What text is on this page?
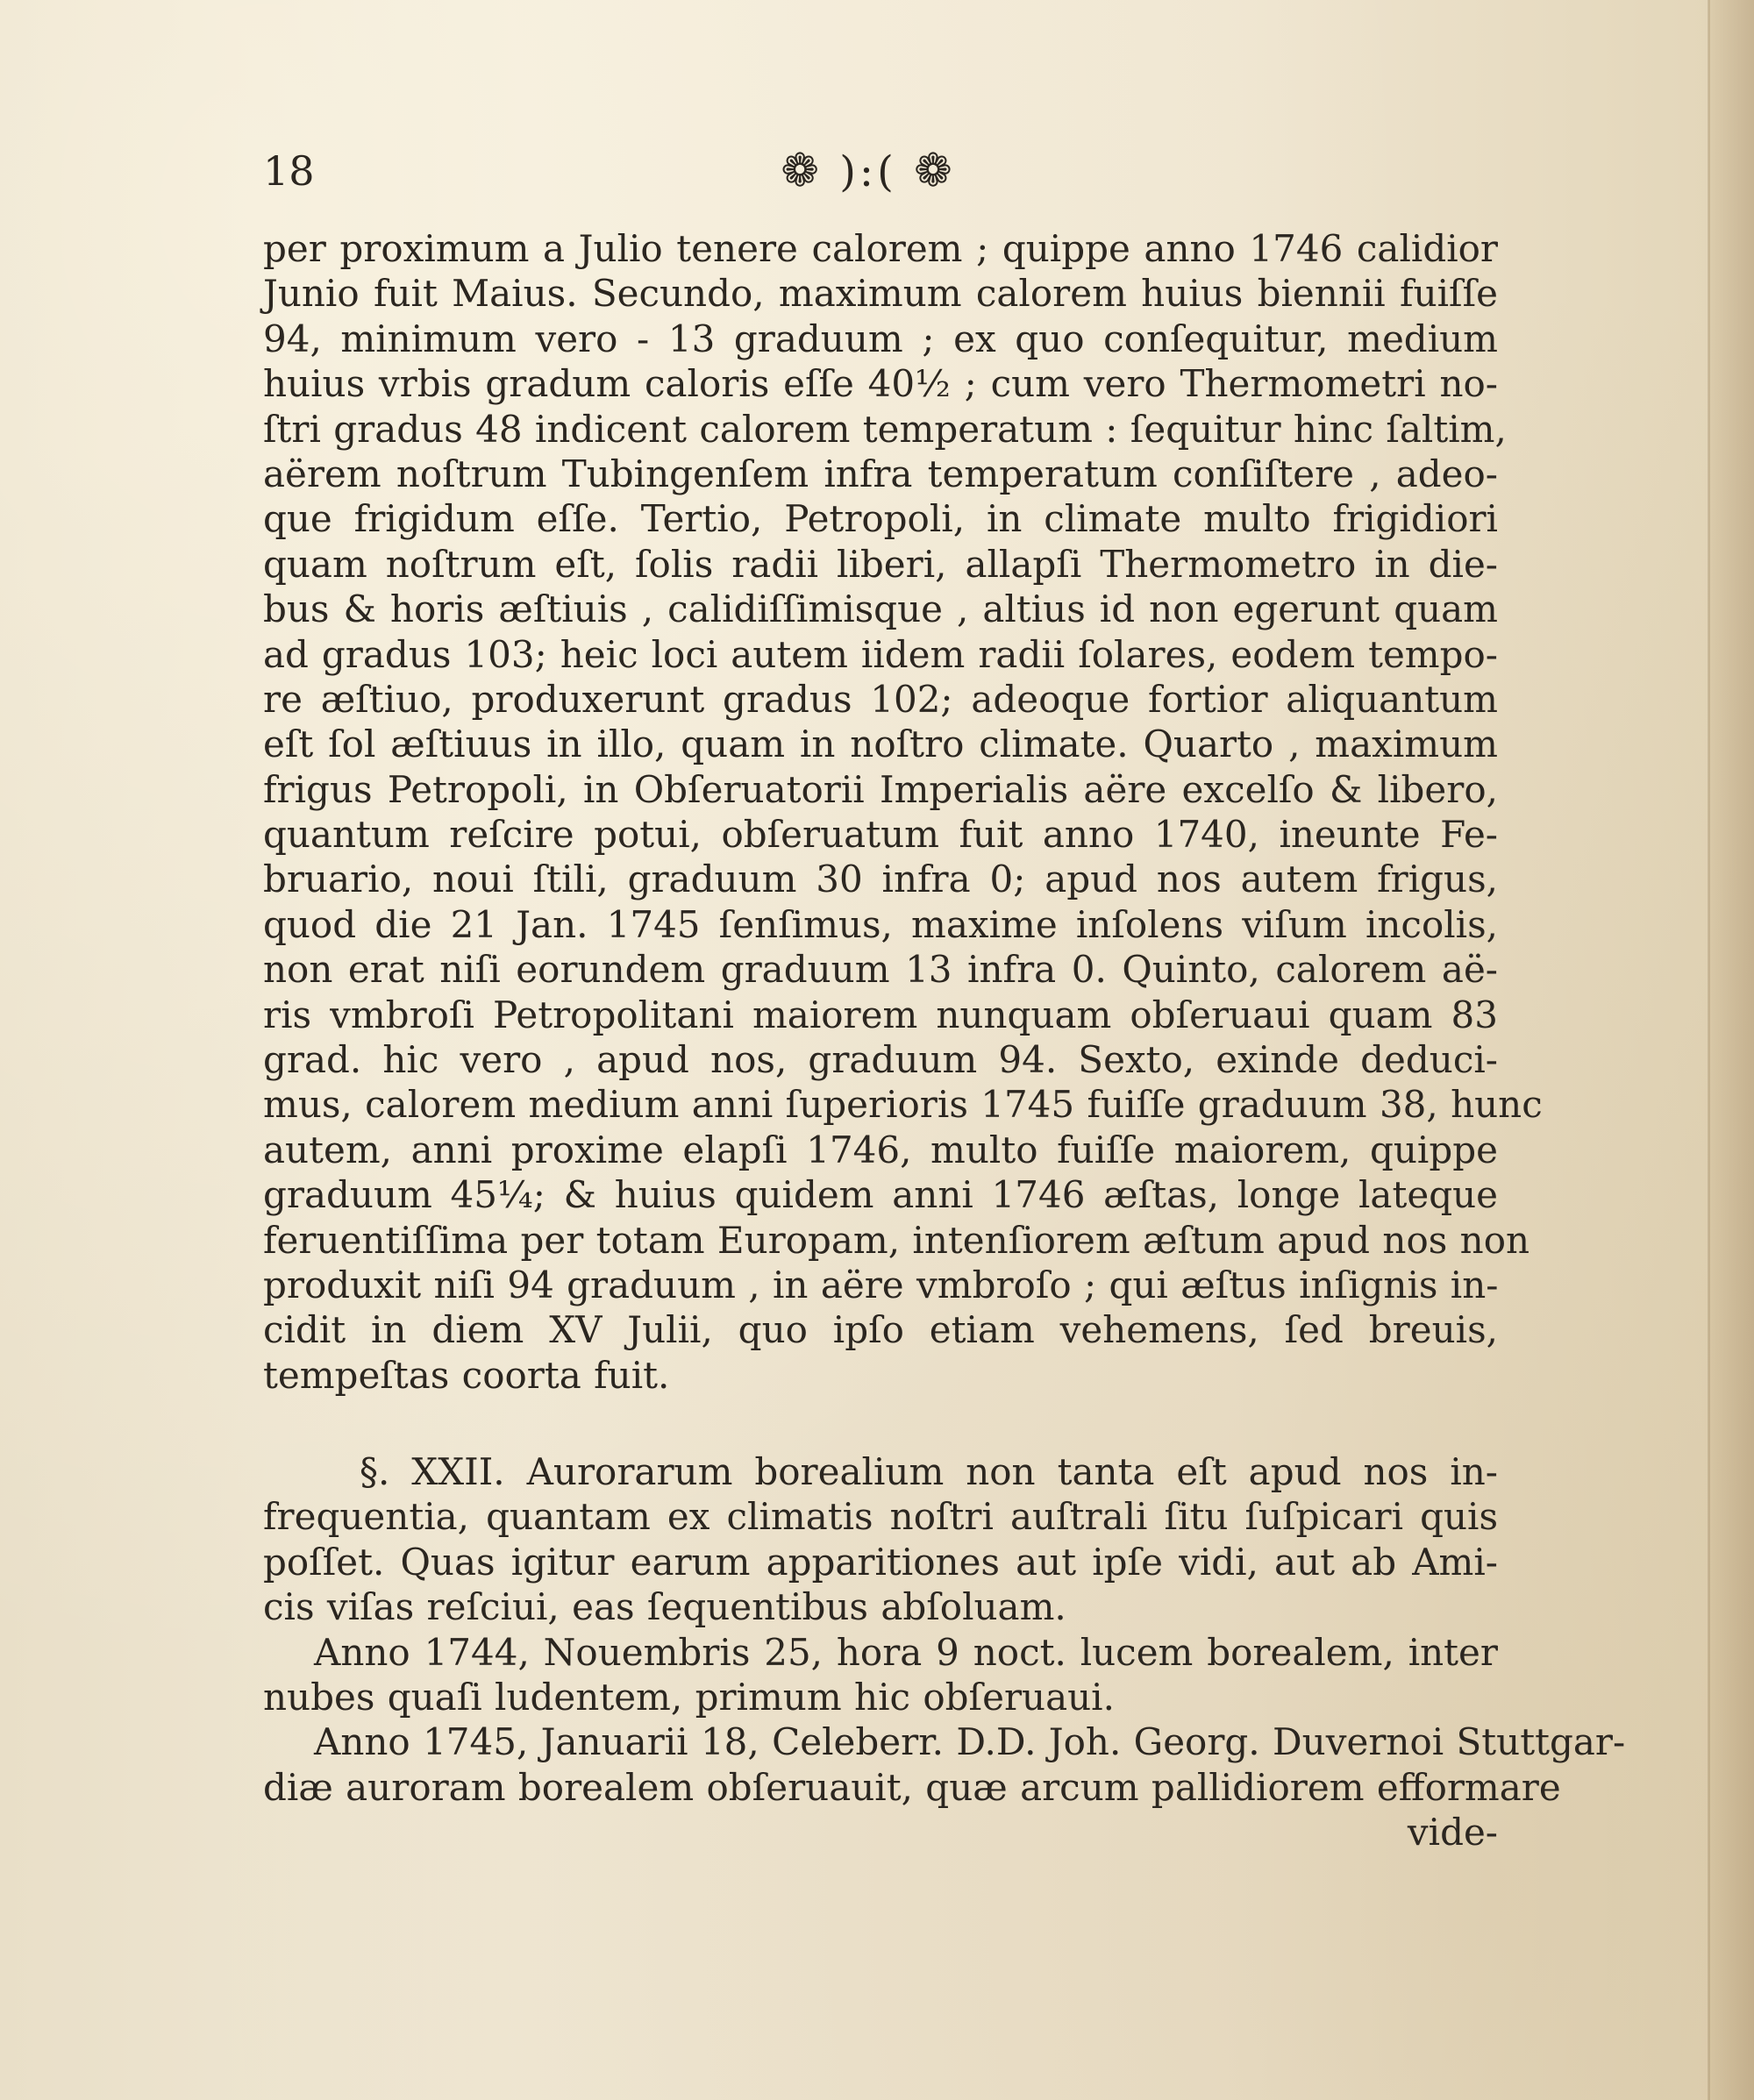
18	❁ ):( ❁
per proximum a Julio tenere calorem ; quippe anno 1746 calidior
Junio fuit Maius. Secundo, maximum calorem huius biennii fuiſſe
94, minimum vero - 13 graduum ; ex quo conſequitur, medium
huius vrbis gradum caloris eſſe 40½ ; cum vero Thermometri no-
ſtri gradus 48 indicent calorem temperatum : ſequitur hinc ſaltim,
aërem noſtrum Tubingenſem infra temperatum conſiſtere , adeo-
que frigidum eſſe. Tertio, Petropoli, in climate multo frigidiori
quam noſtrum eſt, ſolis radii liberi, allapſi Thermometro in die-
bus & horis æſtiuis , calidiſſimisque , altius id non egerunt quam
ad gradus 103; heic loci autem iidem radii ſolares, eodem tempo-
re æſtiuo, produxerunt gradus 102; adeoque fortior aliquantum
eſt ſol æſtiuus in illo, quam in noſtro climate. Quarto , maximum
frigus Petropoli, in Obſeruatorii Imperialis aëre excelſo & libero,
quantum reſcire potui, obſeruatum fuit anno 1740, ineunte Fe-
bruario, noui ſtili, graduum 30 infra 0; apud nos autem frigus,
quod die 21 Jan. 1745 ſenſimus, maxime inſolens viſum incolis,
non erat niſi eorundem graduum 13 infra 0. Quinto, calorem aë-
ris vmbroſi Petropolitani maiorem nunquam obſeruaui quam 83
grad. hic vero , apud nos, graduum 94. Sexto, exinde deduci-
mus, calorem medium anni ſuperioris 1745 fuiſſe graduum 38, hunc
autem, anni proxime elapſi 1746, multo fuiſſe maiorem, quippe
graduum 45¼; & huius quidem anni 1746 æſtas, longe lateque
feruentiſſima per totam Europam, intenſiorem æſtum apud nos non
produxit niſi 94 graduum , in aëre vmbroſo ; qui æſtus inſignis in-
cidit in diem XV Julii, quo ipſo etiam vehemens, ſed breuis,
tempeſtas coorta fuit.
§. XXII. Aurorarum borealium non tanta eſt apud nos in-
frequentia, quantam ex climatis noſtri auſtrali ſitu ſuſpicari quis
poſſet. Quas igitur earum apparitiones aut ipſe vidi, aut ab Ami-
cis viſas reſciui, eas ſequentibus abſoluam.
Anno 1744, Nouembris 25, hora 9 noct. lucem borealem, inter
nubes quaſi ludentem, primum hic obſeruaui.
Anno 1745, Januarii 18, Celeberr. D.D. Joh. Georg. Duvernoi Stuttgar-
diæ auroram borealem obſeruauit, quæ arcum pallidiorem efformare
vide-
